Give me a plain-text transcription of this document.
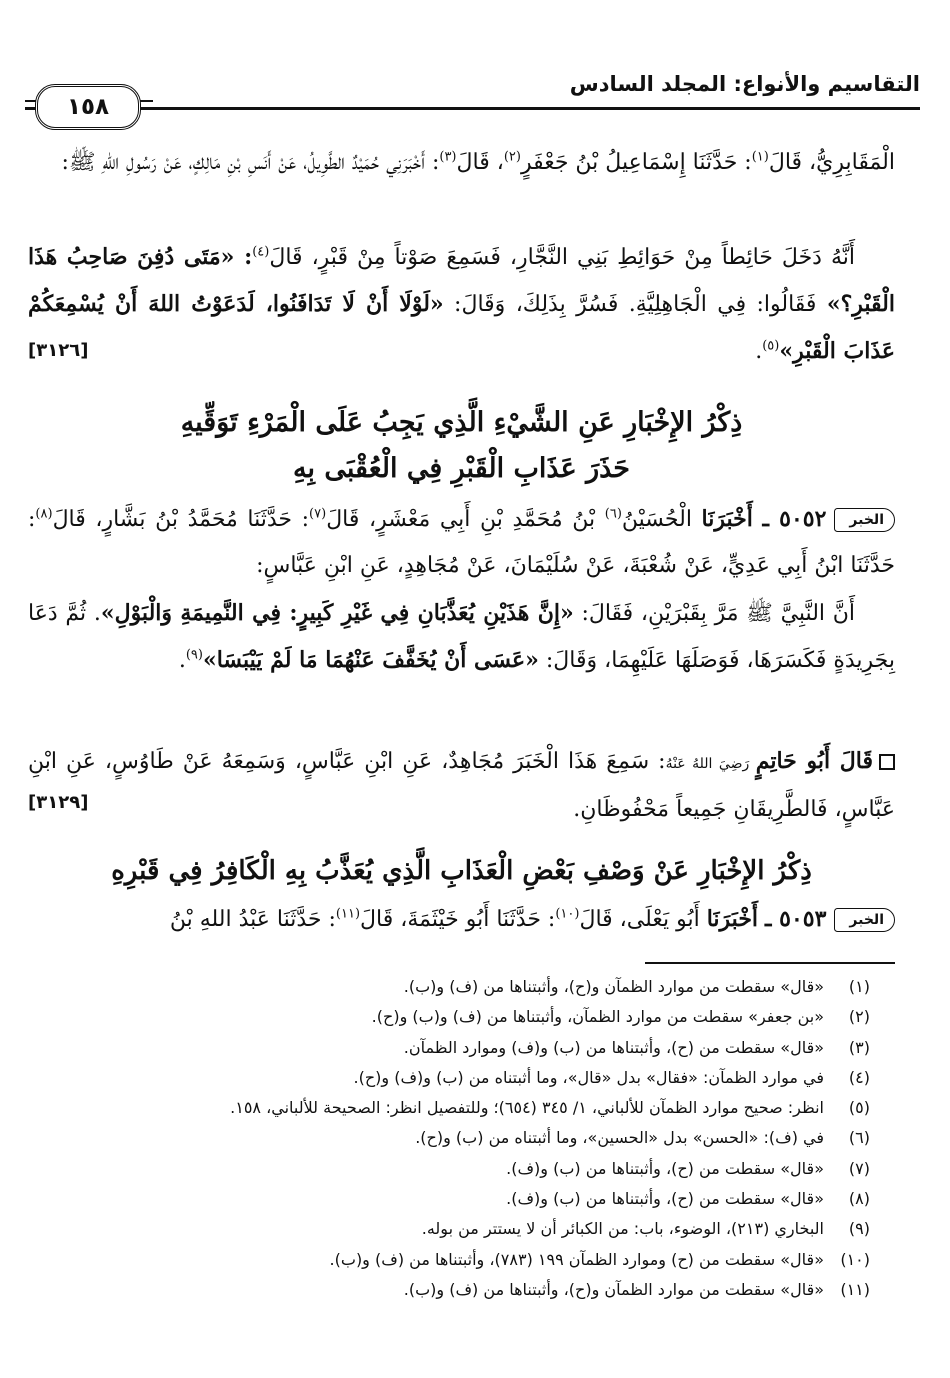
التقاسيم والأنواع: المجلد السادس
١٥٨

الْمَقَابِرِيُّ، قَالَ$^{(١)}$: حَدَّثَنَا إِسْمَاعِيلُ بْنُ جَعْفَرٍ$^{(٢)}$، قَالَ$^{(٣)}$: أَخْبَرَنِي حُمَيْدٌ الطَّوِيلُ، عَنْ أَنَسِ بْنِ مَالِكٍ، عَنْ رَسُولِ اللهِ ﷺ:

أَنَّهُ دَخَلَ حَائِطاً مِنْ حَوَائِطِ بَنِي النَّجَّارِ، فَسَمِعَ صَوْتاً مِنْ قَبْرٍ، قَالَ$^{(٤)}$: «مَتَى دُفِنَ صَاحِبُ هَذَا الْقَبْرِ؟» فَقَالُوا: فِي الْجَاهِلِيَّةِ. فَسُرَّ بِذَلِكَ، وَقَالَ: «لَوْلَا أَنْ لَا تَدَافَنُوا، لَدَعَوْتُ اللهَ أَنْ يُسْمِعَكُمْ عَذَابَ الْقَبْرِ»$^{(٥)}$.

[٣١٢٦]
ذِكْرُ الإِخْبَارِ عَنِ الشَّيْءِ الَّذِي يَجِبُ عَلَى الْمَرْءِ تَوَقِّيهِ
حَذَرَ عَذَابِ الْقَبْرِ فِي الْعُقْبَى بِهِ

الخبر٥٠٥٢ ـ أَخْبَرَنَا الْحُسَيْنُ$^{(٦)}$ بْنُ مُحَمَّدِ بْنِ أَبِي مَعْشَرٍ، قَالَ$^{(٧)}$: حَدَّثَنَا مُحَمَّدُ بْنُ بَشَّارٍ، قَالَ$^{(٨)}$: حَدَّثَنَا ابْنُ أَبِي عَدِيٍّ، عَنْ شُعْبَةَ، عَنْ سُلَيْمَانَ، عَنْ مُجَاهِدٍ، عَنِ ابْنِ عَبَّاسٍ:

أَنَّ النَّبِيَّ ﷺ مَرَّ بِقَبْرَيْنِ، فَقَالَ: «إِنَّ هَذَيْنِ يُعَذَّبَانِ فِي غَيْرِ كَبِيرٍ: فِي النَّمِيمَةِ وَالْبَوْلِ». ثُمَّ دَعَا بِجَرِيدَةٍ فَكَسَرَهَا، فَوَصَلَهَا عَلَيْهِمَا، وَقَالَ: «عَسَى أَنْ يُخَفَّفَ عَنْهُمَا مَا لَمْ يَيْبَسَا»$^{(٩)}$.

قَالَ أَبُو حَاتِمٍ رَضِيَ اللهُ عَنْهُ: سَمِعَ هَذَا الْخَبَرَ مُجَاهِدٌ، عَنِ ابْنِ عَبَّاسٍ، وَسَمِعَهُ عَنْ طَاوُسٍ، عَنِ ابْنِ عَبَّاسٍ، فَالطَّرِيقَانِ جَمِيعاً مَحْفُوظَانِ.

[٣١٢٩]
ذِكْرُ الإِخْبَارِ عَنْ وَصْفِ بَعْضِ الْعَذَابِ الَّذِي يُعَذَّبُ بِهِ الْكَافِرُ فِي قَبْرِهِ

الخبر٥٠٥٣ ـ أَخْبَرَنَا أَبُو يَعْلَى، قَالَ$^{(١٠)}$: حَدَّثَنَا أَبُو خَيْثَمَةَ، قَالَ$^{(١١)}$: حَدَّثَنَا عَبْدُ اللهِ بْنُ

(١)
«قال» سقطت من موارد الظمآن و(ح)، وأثبتناها من (ف) و(ب).
(٢)
«بن جعفر» سقطت من موارد الظمآن، وأثبتناها من (ف) و(ب) و(ح).
(٣)
«قال» سقطت من (ح)، وأثبتناها من (ب) و(ف) وموارد الظمآن.
(٤)
في موارد الظمآن: «فقال» بدل «قال»، وما أثبتناه من (ب) و(ف) و(ح).
(٥)
انظر: صحيح موارد الظمآن للألباني، ١/ ٣٤٥ (٦٥٤)؛ وللتفصيل انظر: الصحيحة للألباني، ١٥٨.
(٦)
في (ف): «الحسن» بدل «الحسين»، وما أثبتناه من (ب) و(ح).
(٧)
«قال» سقطت من (ح)، وأثبتناها من (ب) و(ف).
(٨)
«قال» سقطت من (ح)، وأثبتناها من (ب) و(ف).
(٩)
البخاري (٢١٣)، الوضوء، باب: من الكبائر أن لا يستتر من بوله.
(١٠)
«قال» سقطت من (ح) وموارد الظمآن ١٩٩ (٧٨٣)، وأثبتناها من (ف) و(ب).
(١١)
«قال» سقطت من موارد الظمآن و(ح)، وأثبتناها من (ف) و(ب).
